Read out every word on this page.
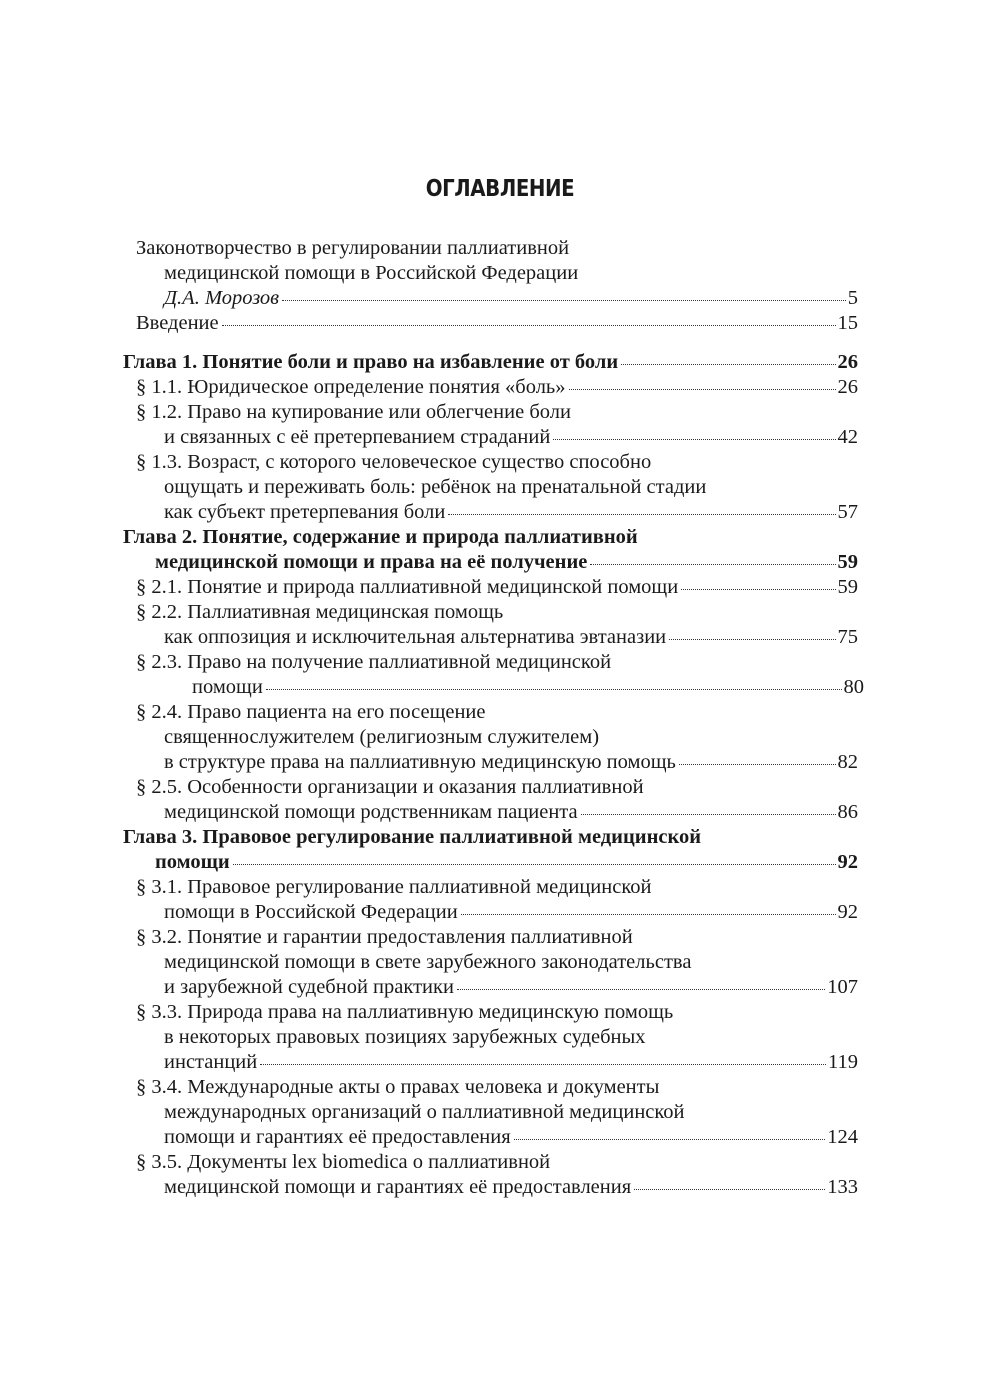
ОГЛАВЛЕНИЕ
Законотворчество в регулировании паллиативной
медицинской помощи в Российской Федерации
Д.А. Морозов	5
Введение	15
Глава 1. Понятие боли и право на избавление от боли	26
§ 1.1. Юридическое определение понятия «боль»	26
§ 1.2. Право на купирование или облегчение боли
и связанных с её претерпеванием страданий	42
§ 1.3. Возраст, с которого человеческое существо способно
ощущать и переживать боль: ребёнок на пренатальной стадии
как субъект претерпевания боли	57
Глава 2. Понятие, содержание и природа паллиативной
медицинской помощи и права на её получение	59
§ 2.1. Понятие и природа паллиативной медицинской помощи	59
§ 2.2. Паллиативная медицинская помощь
как оппозиция и исключительная альтернатива эвтаназии	75
§ 2.3. Право на получение паллиативной медицинской
помощи	80
§ 2.4. Право пациента на его посещение
священнослужителем (религиозным служителем)
в структуре права на паллиативную медицинскую помощь	82
§ 2.5. Особенности организации и оказания паллиативной
медицинской помощи родственникам пациента	86
Глава 3. Правовое регулирование паллиативной медицинской
помощи	92
§ 3.1. Правовое регулирование паллиативной медицинской
помощи в Российской Федерации	92
§ 3.2. Понятие и гарантии предоставления паллиативной
медицинской помощи в свете зарубежного законодательства
и зарубежной судебной практики	107
§ 3.3. Природа права на паллиативную медицинскую помощь
в некоторых правовых позициях зарубежных судебных
инстанций	119
§ 3.4. Международные акты о правах человека и документы
международных организаций о паллиативной медицинской
помощи и гарантиях её предоставления	124
§ 3.5. Документы lex biomedica о паллиативной
медицинской помощи и гарантиях её предоставления	133
